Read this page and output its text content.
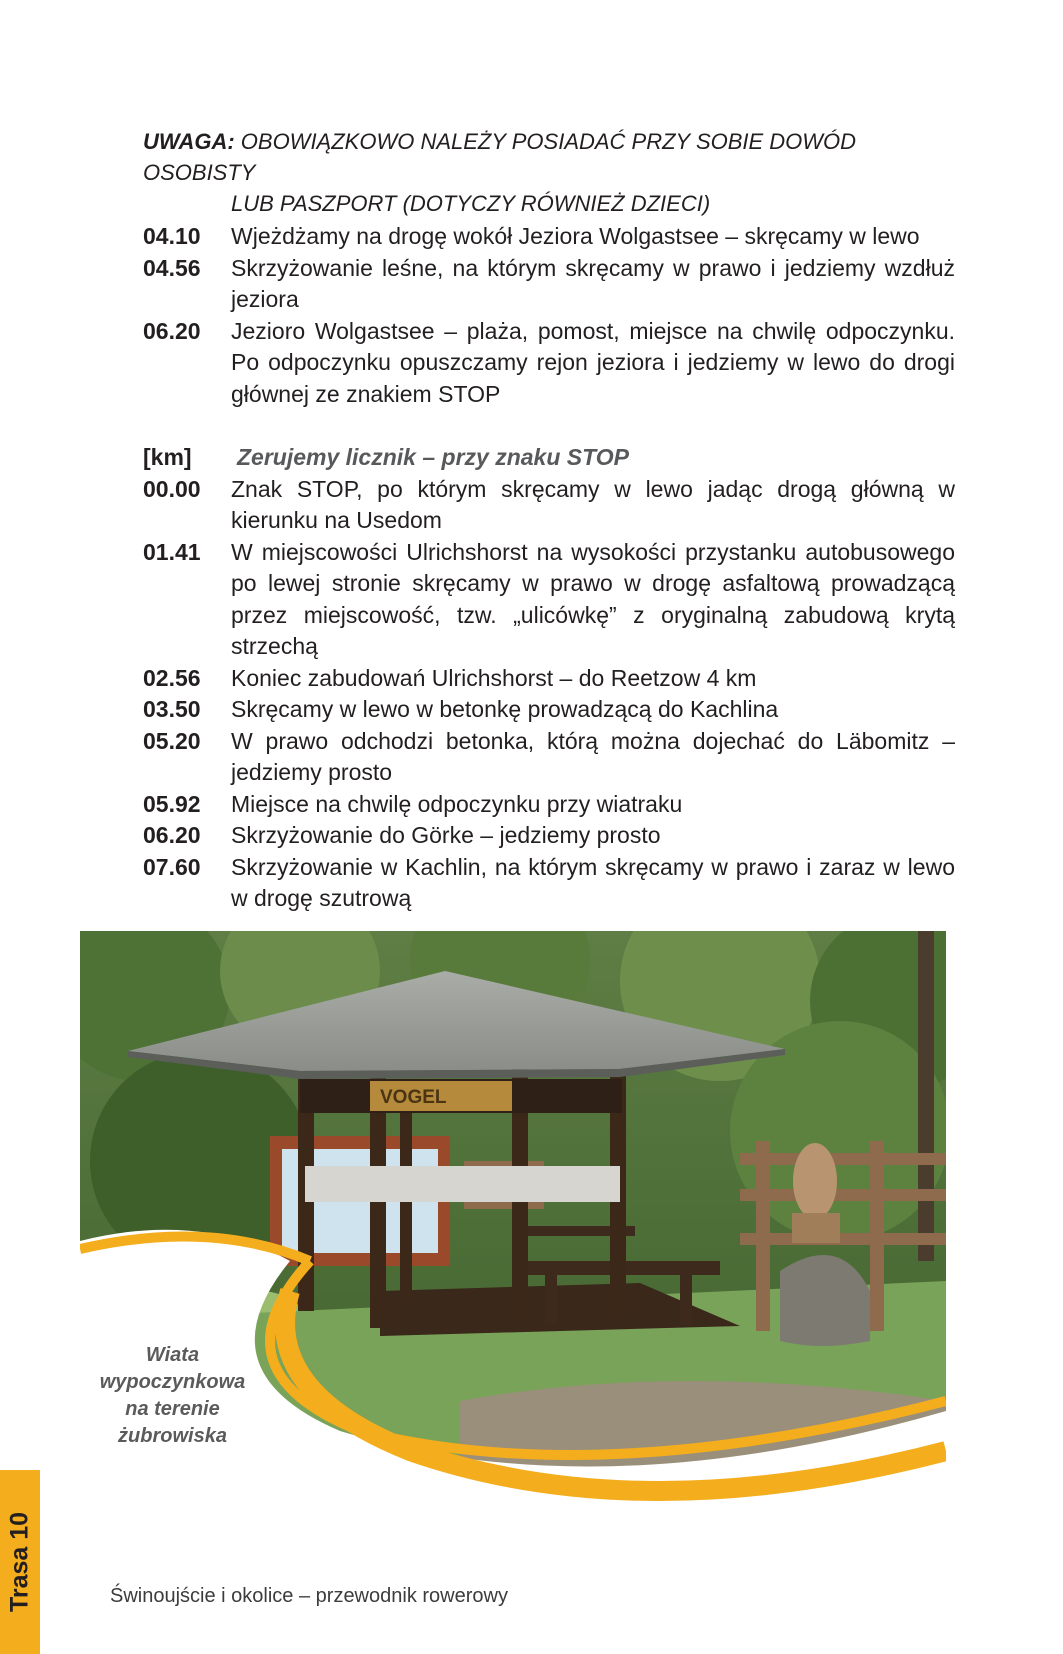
UWAGA: OBOWIĄZKOWO NALEŻY POSIADAĆ PRZY SOBIE DOWÓD OSOBISTY
LUB PASZPORT (DOTYCZY RÓWNIEŻ DZIECI)
04.10	Wjeżdżamy na drogę wokół Jeziora Wolgastsee – skręcamy w lewo
04.56	Skrzyżowanie leśne, na którym skręcamy w prawo i jedziemy wzdłuż jeziora
06.20	Jezioro Wolgastsee – plaża, pomost, miejsce na chwilę odpoczynku. Po odpoczynku opuszczamy rejon jeziora i jedziemy w lewo do drogi głównej ze znakiem STOP
[km]	Zerujemy licznik – przy znaku STOP
00.00	Znak STOP, po którym skręcamy w lewo jadąc drogą główną w kierunku na Usedom
01.41	W miejscowości Ulrichshorst na wysokości przystanku autobusowego po lewej stronie skręcamy w prawo w drogę asfaltową prowadzącą przez miejscowość, tzw. „ulicówkę” z oryginalną zabudową krytą strzechą
02.56	Koniec zabudowań Ulrichshorst – do Reetzow 4 km
03.50	Skręcamy w lewo w betonkę prowadzącą do Kachlina
05.20	W prawo odchodzi betonka, którą można dojechać do Läbomitz – jedziemy prosto
05.92	Miejsce na chwilę odpoczynku przy wiatraku
06.20	Skrzyżowanie do Görke – jedziemy prosto
07.60	Skrzyżowanie w Kachlin, na którym skręcamy w prawo i zaraz w lewo w drogę szutrową
VOGEL
Wiata
wypoczynkowa
na terenie
żubrowiska
Trasa 10	Świnoujście i okolice – przewodnik rowerowy
